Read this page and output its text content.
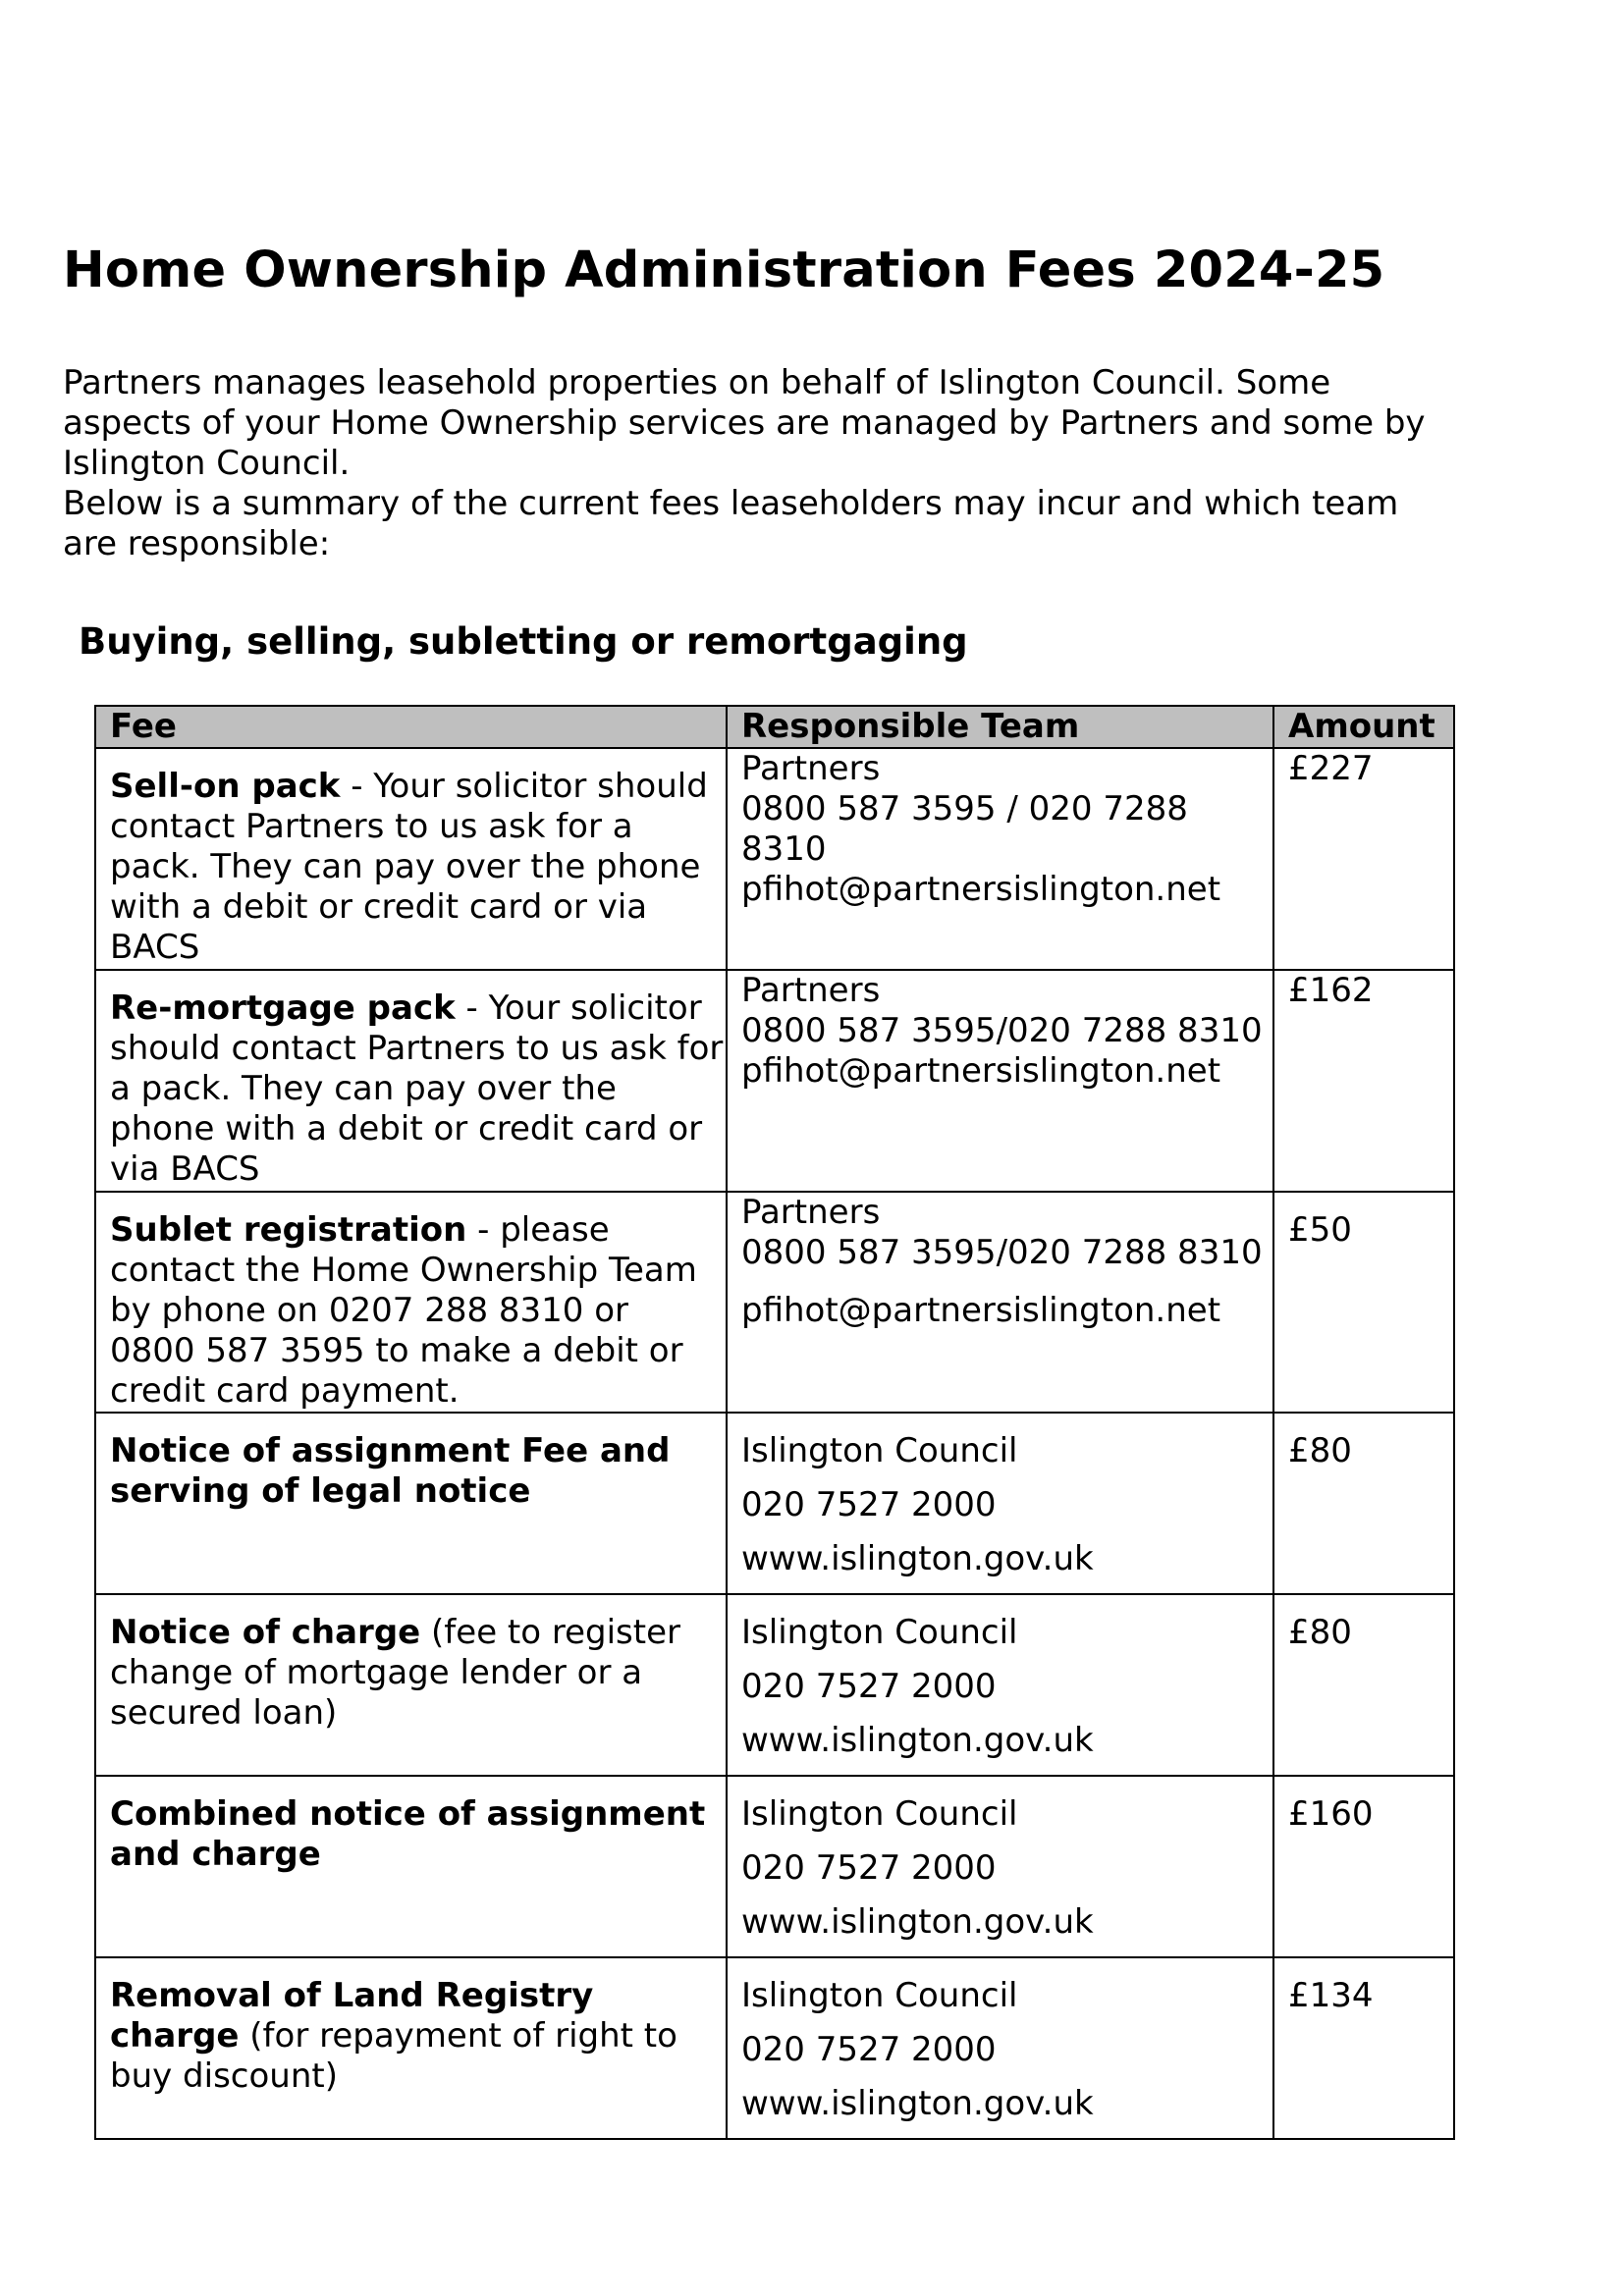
Home Ownership Administration Fees 2024-25

Partners manages leasehold properties on behalf of Islington Council. Some aspects of your Home Ownership services are managed by Partners and some by Islington Council.

Below is a summary of the current fees leaseholders may incur and which team are responsible:

Buying, selling, subletting or remortgaging
Fee	Responsible Team	Amount
Sell-on pack - Your solicitor should contact Partners to us ask for a pack. They can pay over the phone with a debit or credit card or via BACS	Partners
0800 587 3595 / 020 7288 8310
pfihot@partnersislington.net	£227
Re-mortgage pack - Your solicitor should contact Partners to us ask for a pack. They can pay over the phone with a debit or credit card or via BACS	Partners
0800 587 3595/020 7288 8310
pfihot@partnersislington.net	£162
Sublet registration - please contact the Home Ownership Team by phone on 0207 288 8310 or 0800 587 3595 to make a debit or credit card payment.	Partners
0800 587 3595/020 7288 8310
pfihot@partnersislington.net	£50
Notice of assignment Fee and serving of legal notice	Islington Council
020 7527 2000
www.islington.gov.uk	£80
Notice of charge (fee to register change of mortgage lender or a secured loan)	Islington Council
020 7527 2000
www.islington.gov.uk	£80
Combined notice of assignment and charge	Islington Council
020 7527 2000
www.islington.gov.uk	£160
Removal of Land Registry charge (for repayment of right to buy discount)	Islington Council
020 7527 2000
www.islington.gov.uk	£134
